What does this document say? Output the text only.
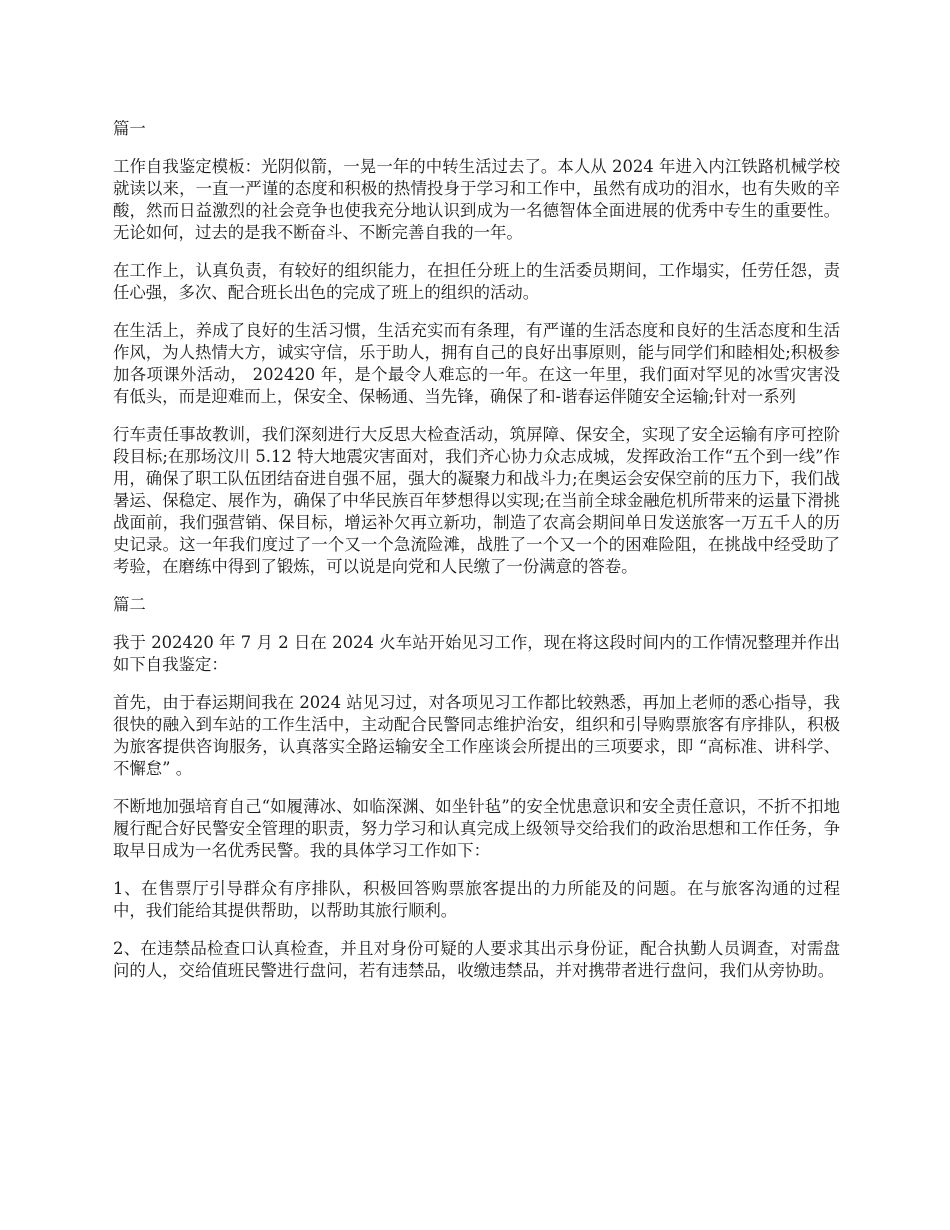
篇一

工作自我鉴定模板：光阴似箭，一晃一年的中转生活过去了。本人从 2024 年进入内江铁路机械学校就读以来，一直一严谨的态度和积极的热情投身于学习和工作中，虽然有成功的泪水，也有失败的辛酸，然而日益激烈的社会竞争也使我充分地认识到成为一名德智体全面进展的优秀中专生的重要性。无论如何，过去的是我不断奋斗、不断完善自我的一年。

在工作上，认真负责，有较好的组织能力，在担任分班上的生活委员期间，工作塌实，任劳任怨，责任心强，多次、配合班长出色的完成了班上的组织的活动。

在生活上，养成了良好的生活习惯，生活充实而有条理，有严谨的生活态度和良好的生活态度和生活作风，为人热情大方，诚实守信，乐于助人，拥有自己的良好出事原则，能与同学们和睦相处;积极参加各项课外活动， 202420 年，是个最令人难忘的一年。在这一年里，我们面对罕见的冰雪灾害没有低头，而是迎难而上，保安全、保畅通、当先锋，确保了和-谐春运伴随安全运输;针对一系列

行车责任事故教训，我们深刻进行大反思大检查活动，筑屏障、保安全，实现了安全运输有序可控阶段目标;在那场汶川 5.12 特大地震灾害面对，我们齐心协力众志成城，发挥政治工作“五个到一线”作用，确保了职工队伍团结奋进自强不屈，强大的凝聚力和战斗力;在奥运会安保空前的压力下，我们战暑运、保稳定、展作为，确保了中华民族百年梦想得以实现;在当前全球金融危机所带来的运量下滑挑战面前，我们强营销、保目标，增运补欠再立新功，制造了农高会期间单日发送旅客一万五千人的历史记录。这一年我们度过了一个又一个急流险滩，战胜了一个又一个的困难险阻，在挑战中经受助了考验，在磨练中得到了锻炼，可以说是向党和人民缴了一份满意的答卷。

篇二

我于 202420 年 7 月 2 日在 2024 火车站开始见习工作，现在将这段时间内的工作情况整理并作出如下自我鉴定：

首先，由于春运期间我在 2024 站见习过，对各项见习工作都比较熟悉，再加上老师的悉心指导，我很快的融入到车站的工作生活中，主动配合民警同志维护治安，组织和引导购票旅客有序排队，积极为旅客提供咨询服务，认真落实全路运输安全工作座谈会所提出的三项要求，即 “高标准、讲科学、不懈怠” 。

不断地加强培育自己“如履薄冰、如临深渊、如坐针毡”的安全忧患意识和安全责任意识，不折不扣地履行配合好民警安全管理的职责，努力学习和认真完成上级领导交给我们的政治思想和工作任务，争取早日成为一名优秀民警。我的具体学习工作如下：

1、在售票厅引导群众有序排队，积极回答购票旅客提出的力所能及的问题。在与旅客沟通的过程中，我们能给其提供帮助，以帮助其旅行顺利。

2、在违禁品检查口认真检查，并且对身份可疑的人要求其出示身份证，配合执勤人员调查，对需盘问的人，交给值班民警进行盘问，若有违禁品，收缴违禁品，并对携带者进行盘问，我们从旁协助。
